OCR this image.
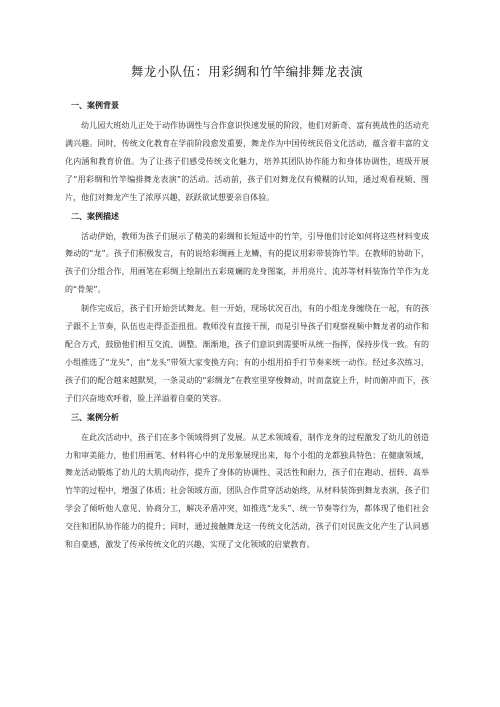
舞龙小队伍：用彩绸和竹竿编排舞龙表演
一、案例背景

幼儿园大班幼儿正处于动作协调性与合作意识快速发展的阶段，他们对新奇、富有挑战性的活动充满兴趣。同时，传统文化教育在学前阶段愈发重要，舞龙作为中国传统民俗文化活动，蕴含着丰富的文化内涵和教育价值。为了让孩子们感受传统文化魅力，培养其团队协作能力和身体协调性，班级开展了“用彩绸和竹竿编排舞龙表演”的活动。活动前，孩子们对舞龙仅有模糊的认知，通过观看视频、图片，他们对舞龙产生了浓厚兴趣，跃跃欲试想要亲自体验。

二、案例描述

活动伊始，教师为孩子们展示了精美的彩绸和长短适中的竹竿，引导他们讨论如何将这些材料变成舞动的“龙”。孩子们积极发言，有的说给彩绸画上龙鳞，有的提议用彩带装饰竹竿。在教师的协助下，孩子们分组合作，用画笔在彩绸上绘制出五彩斑斓的龙身图案，并用亮片、流苏等材料装饰竹竿作为龙的“骨架”。

制作完成后，孩子们开始尝试舞龙。但一开始，现场状况百出，有的小组龙身缠绕在一起，有的孩子跟不上节奏，队伍也走得歪歪扭扭。教师没有直接干预，而是引导孩子们观察视频中舞龙者的动作和配合方式，鼓励他们相互交流、调整。渐渐地，孩子们意识到需要听从统一指挥，保持步伐一致。有的小组推选了“龙头”，由“龙头”带领大家变换方向；有的小组用拍手打节奏来统一动作。经过多次练习，孩子们的配合越来越默契，一条灵动的“彩绸龙”在教室里穿梭舞动，时而盘旋上升，时而俯冲而下，孩子们兴奋地欢呼着，脸上洋溢着自豪的笑容。

三、案例分析

在此次活动中，孩子们在多个领域得到了发展。从艺术领域看，制作龙身的过程激发了幼儿的创造力和审美能力，他们用画笔、材料将心中的龙形象展现出来，每个小组的龙都独具特色；在健康领域，舞龙活动锻炼了幼儿的大肌肉动作，提升了身体的协调性、灵活性和耐力，孩子们在跑动、扭转、高举竹竿的过程中，增强了体质；社会领域方面，团队合作贯穿活动始终，从材料装饰到舞龙表演，孩子们学会了倾听他人意见、协商分工，解决矛盾冲突，如推选“龙头”、统一节奏等行为，都体现了他们社会交往和团队协作能力的提升；同时，通过接触舞龙这一传统文化活动，孩子们对民族文化产生了认同感和自豪感，激发了传承传统文化的兴趣，实现了文化领域的启蒙教育。
